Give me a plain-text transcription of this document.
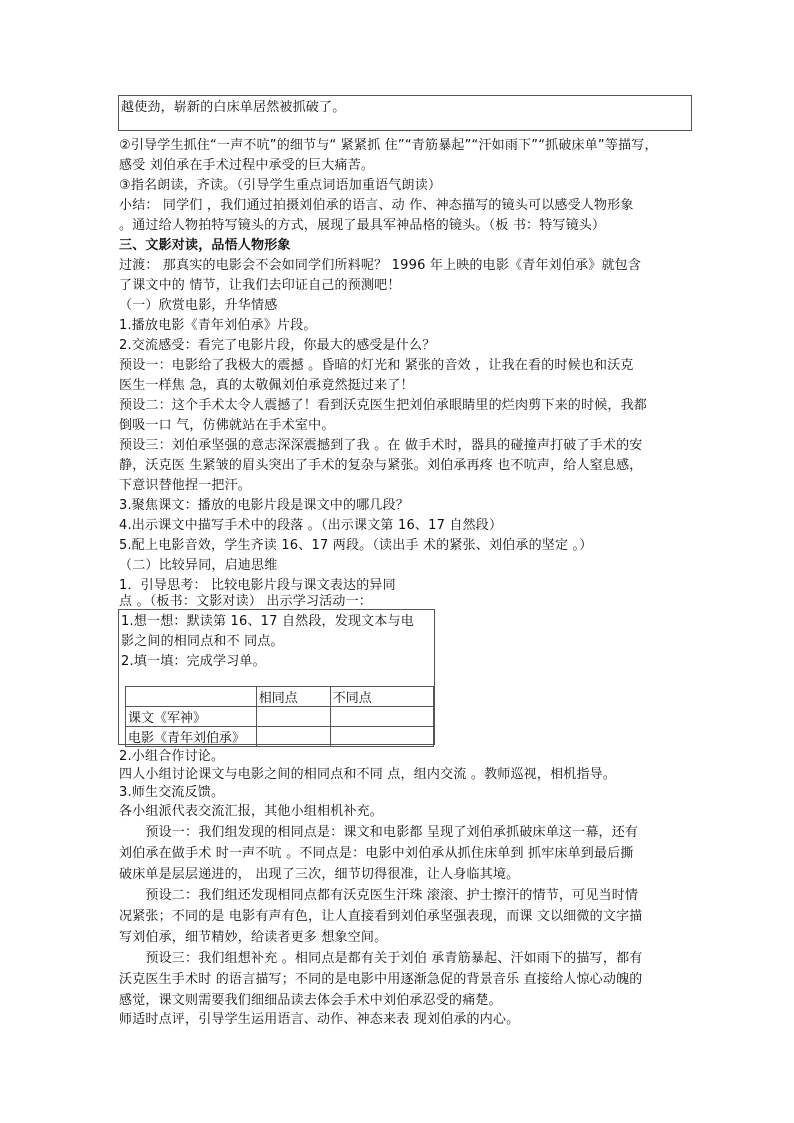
越使劲，崭新的白床单居然被抓破了。
②引导学生抓住“一声不吭”的细节与“ 紧紧抓 住”“青筋暴起”“汗如雨下”“抓破床单”等描写，
感受 刘伯承在手术过程中承受的巨大痛苦。
③指名朗读，齐读。（引导学生重点词语加重语气朗读）
小结： 同学们 ，我们通过拍摄刘伯承的语言、动 作、神态描写的镜头可以感受人物形象
。通过给人物拍特写镜头的方式，展现了最具军神品格的镜头。（板 书：特写镜头）
三、文影对读，品悟人物形象
过渡： 那真实的电影会不会如同学们所料呢？ 1996 年上映的电影《青年刘伯承》就包含
了课文中的 情节，让我们去印证自己的预测吧！
（一）欣赏电影，升华情感
1.播放电影《青年刘伯承》片段。
2.交流感受：看完了电影片段，你最大的感受是什么？
预设一：电影给了我极大的震撼 。昏暗的灯光和 紧张的音效 ，让我在看的时候也和沃克
医生一样焦 急，真的太敬佩刘伯承竟然挺过来了！
预设二：这个手术太令人震撼了！看到沃克医生把刘伯承眼睛里的烂肉剪下来的时候，我都
倒吸一口 气，仿佛就站在手术室中。
预设三：刘伯承坚强的意志深深震撼到了我 。在 做手术时，器具的碰撞声打破了手术的安
静，沃克医 生紧皱的眉头突出了手术的复杂与紧张。刘伯承再疼 也不吭声，给人窒息感，
下意识替他捏一把汗。
3.聚焦课文：播放的电影片段是课文中的哪几段？
4.出示课文中描写手术中的段落 。（出示课文第 16、17 自然段）
5.配上电影音效，学生齐读 16、17 两段。（读出手 术的紧张、刘伯承的坚定 。）
（二）比较异同，启迪思维
1．引导思考： 比较电影片段与课文表达的异同
点 。（板书：文影对读） 出示学习活动一：
1.想一想：默读第 16、17 自然段，发现文本与电
影之间的相同点和不 同点。
2.填一填：完成学习单。
	相同点	不同点
课文《军神》		
电影《青年刘伯承》		
2.小组合作讨论。
四人小组讨论课文与电影之间的相同点和不同 点，组内交流 。教师巡视，相机指导。
3.师生交流反馈。
各小组派代表交流汇报，其他小组相机补充。
　　预设一：我们组发现的相同点是：课文和电影都 呈现了刘伯承抓破床单这一幕，还有
刘伯承在做手术 时一声不吭 。不同点是：电影中刘伯承从抓住床单到 抓牢床单到最后撕
破床单是层层递进的， 出现了三次，细节切得很准，让人身临其境。
　　预设二：我们组还发现相同点都有沃克医生汗珠 滚滚、护士擦汗的情节，可见当时情
况紧张；不同的是 电影有声有色，让人直接看到刘伯承坚强表现，而课 文以细微的文字描
写刘伯承，细节精妙，给读者更多 想象空间。
　　预设三：我们组想补充 。相同点是都有关于刘伯 承青筋暴起、汗如雨下的描写，都有
沃克医生手术时 的语言描写；不同的是电影中用逐渐急促的背景音乐 直接给人惊心动魄的
感觉，课文则需要我们细细品读去体会手术中刘伯承忍受的痛楚。
师适时点评，引导学生运用语言、动作、神态来表 现刘伯承的内心。
